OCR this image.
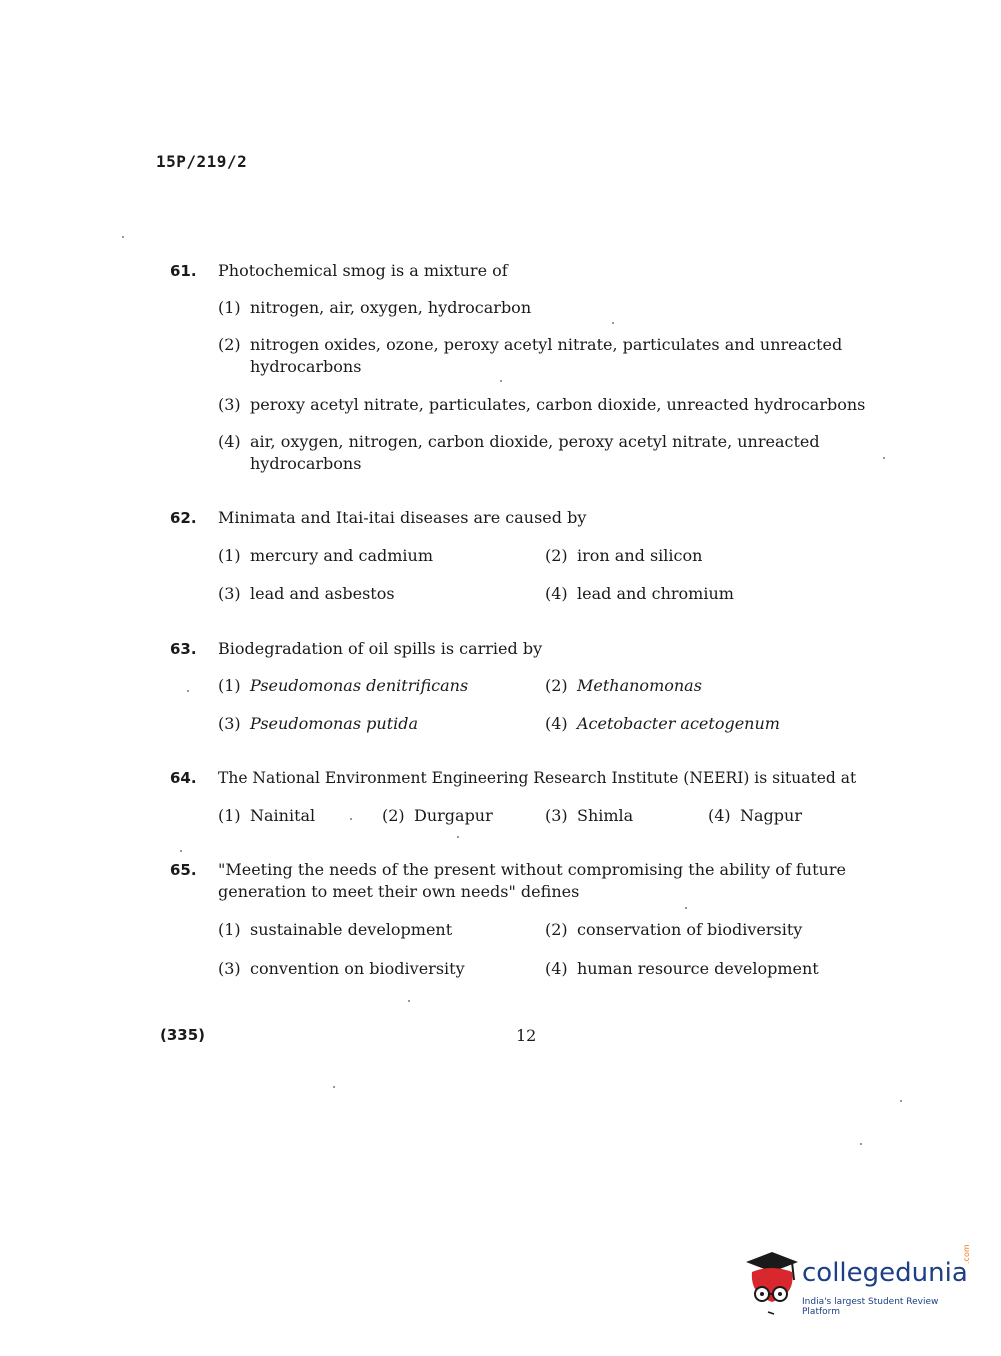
15P/219/2
61. Photochemical smog is a mixture of
(1) nitrogen, air, oxygen, hydrocarbon
(2) nitrogen oxides, ozone, peroxy acetyl nitrate, particulates and unreacted hydrocarbons
(3) peroxy acetyl nitrate, particulates, carbon dioxide, unreacted hydrocarbons
(4) air, oxygen, nitrogen, carbon dioxide, peroxy acetyl nitrate, unreacted hydrocarbons
62. Minimata and Itai-itai diseases are caused by
(1) mercury and cadmium	(2) iron and silicon
(3) lead and asbestos	(4) lead and chromium
63. Biodegradation of oil spills is carried by
(1) Pseudomonas denitrificans	(2) Methanomonas
(3) Pseudomonas putida	(4) Acetobacter acetogenum
64. The National Environment Engineering Research Institute (NEERI) is situated at
(1) Nainital	(2) Durgapur	(3) Shimla	(4) Nagpur
65. "Meeting the needs of the present without compromising the ability of future generation to meet their own needs" defines
(1) sustainable development	(2) conservation of biodiversity
(3) convention on biodiversity	(4) human resource development
(335)	12
collegedunia
.com
India's largest Student Review Platform
